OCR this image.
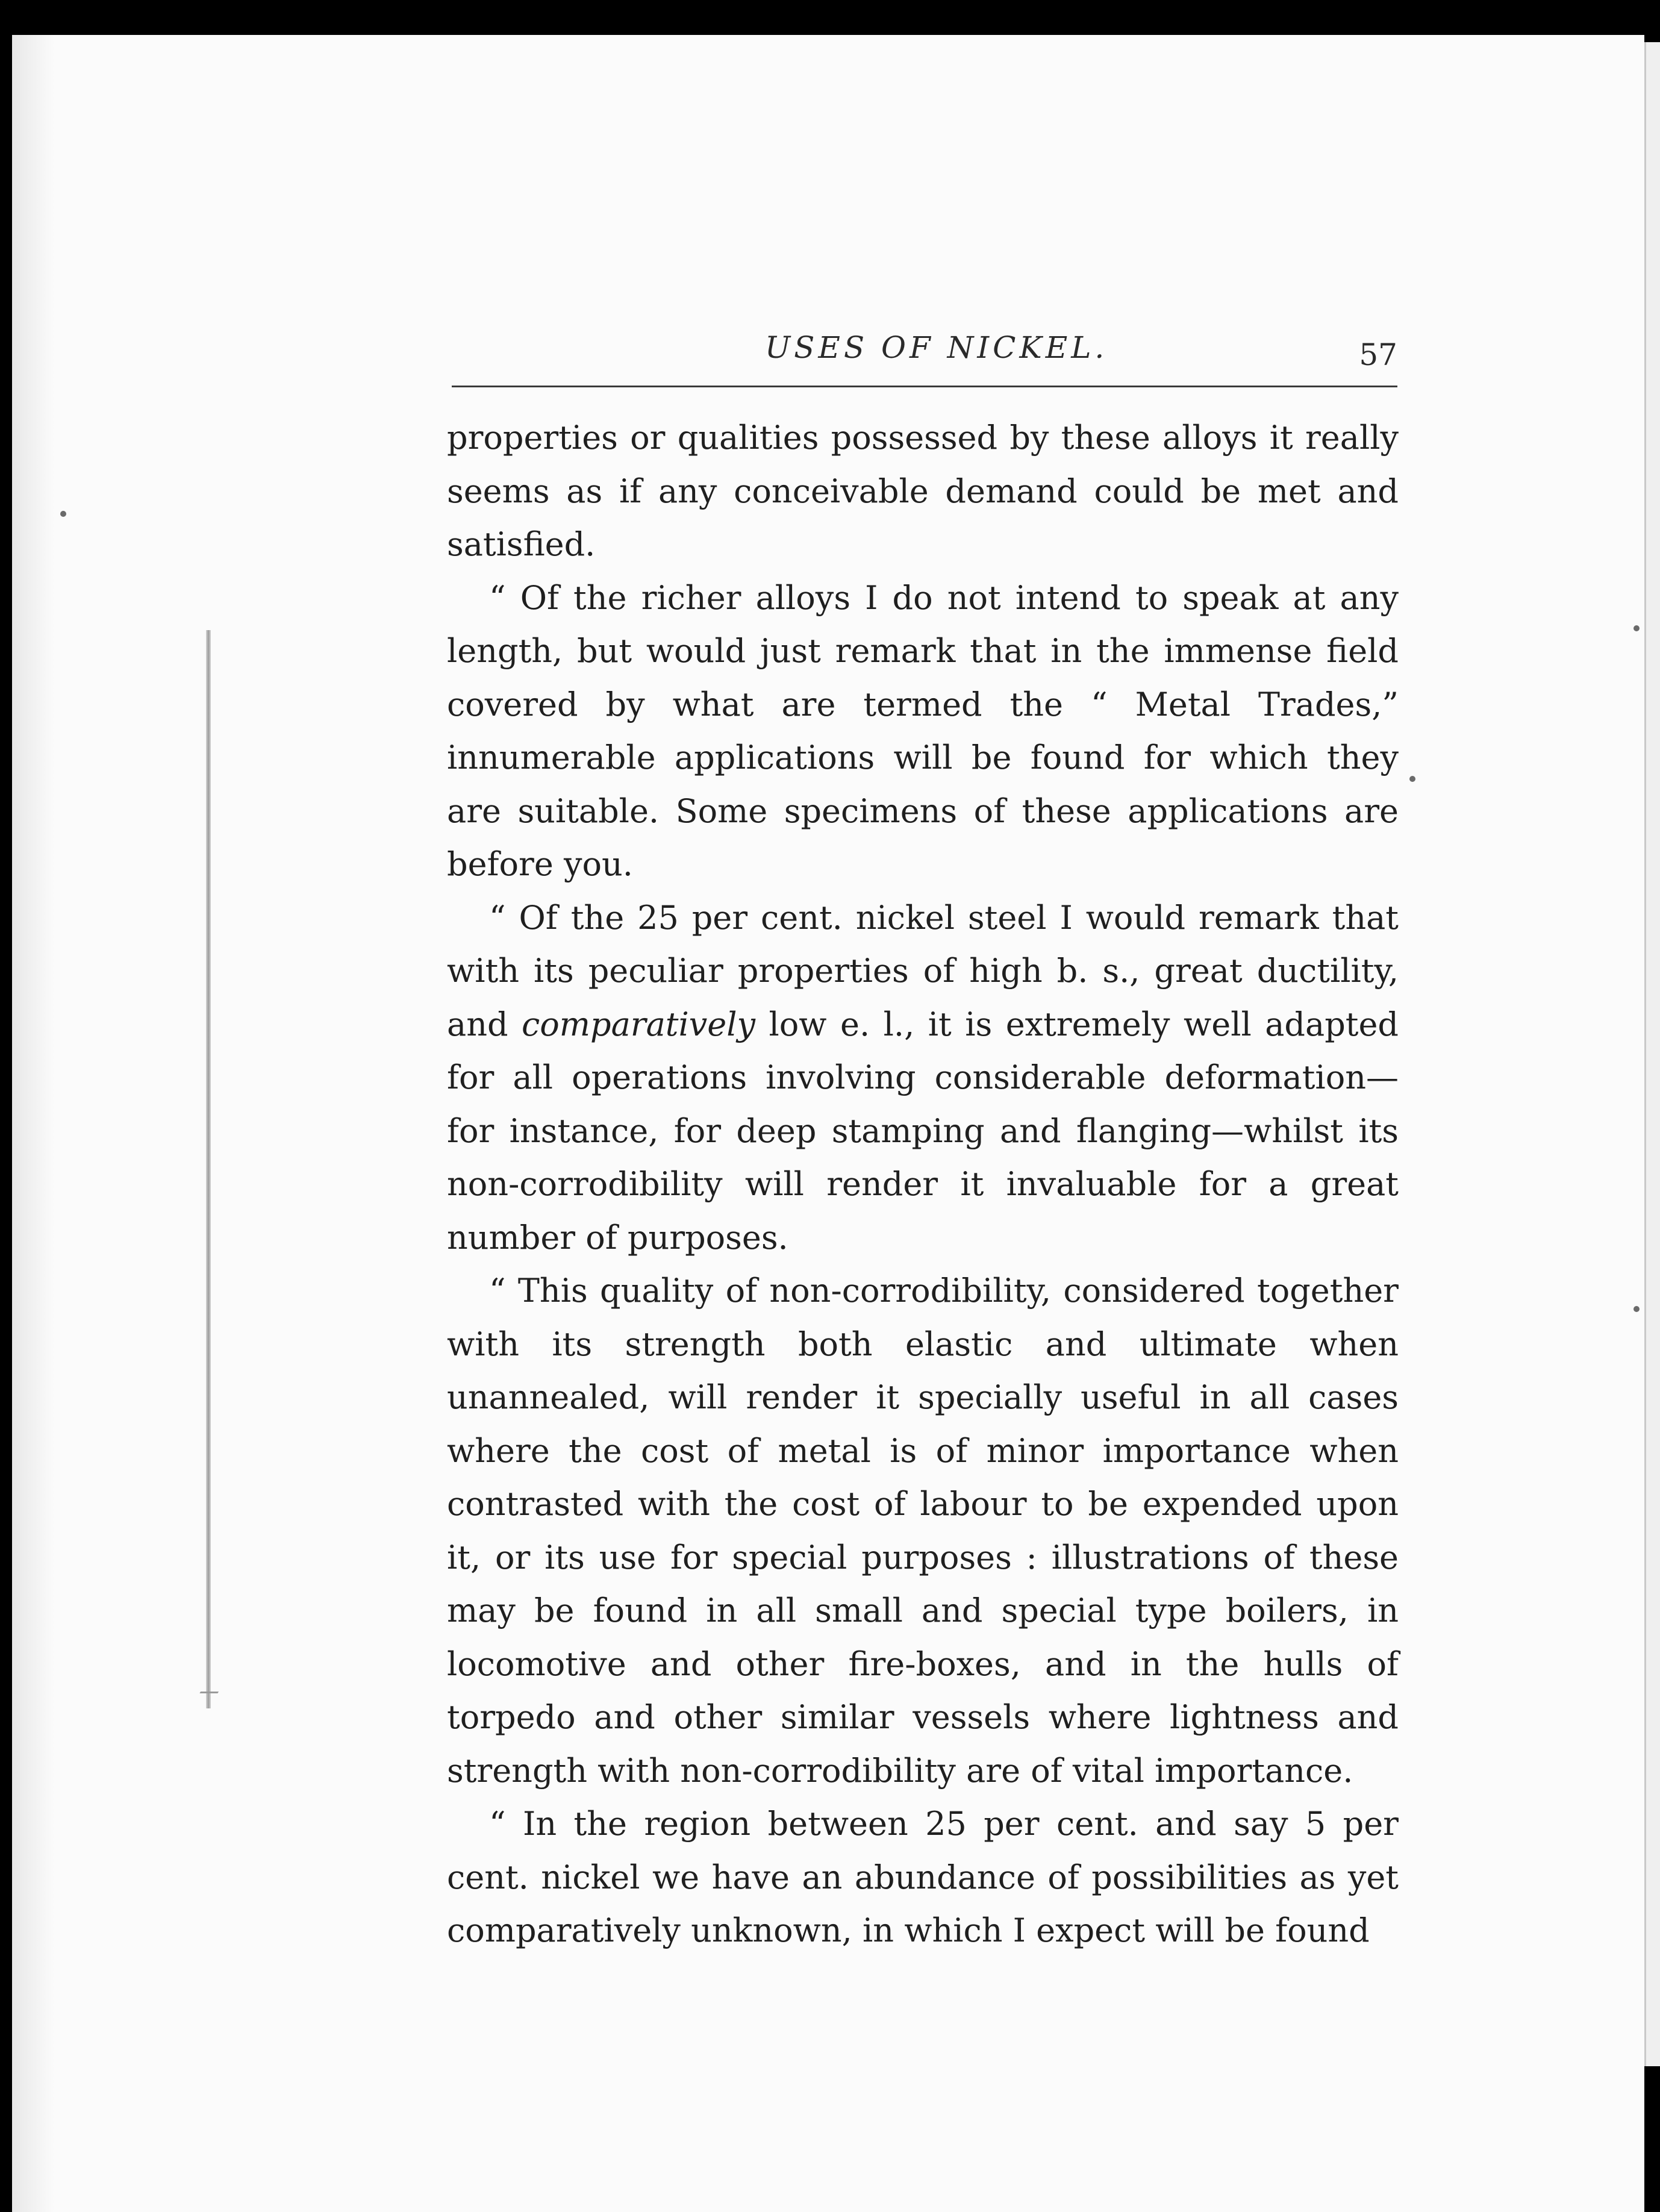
USES OF NICKEL.	57

properties or qualities possessed by these alloys it really seems as if any conceivable demand could be met and satisfied.

“ Of the richer alloys I do not intend to speak at any length, but would just remark that in the immense field covered by what are termed the “ Metal Trades,” innumerable applications will be found for which they are suitable. Some specimens of these applications are before you.

“ Of the 25 per cent. nickel steel I would remark that with its peculiar properties of high b. s., great ductility, and comparatively low e. l., it is extremely well adapted for all operations involving considerable deformation—for instance, for deep stamping and flanging—whilst its non-corrodibility will render it invaluable for a great number of purposes.

“ This quality of non-corrodibility, considered together with its strength both elastic and ultimate when unannealed, will render it specially useful in all cases where the cost of metal is of minor importance when contrasted with the cost of labour to be expended upon it, or its use for special purposes : illustrations of these may be found in all small and special type boilers, in locomotive and other fire-boxes, and in the hulls of torpedo and other similar vessels where lightness and strength with non-corrodibility are of vital importance.

“ In the region between 25 per cent. and say 5 per cent. nickel we have an abundance of possibilities as yet comparatively unknown, in which I expect will be found
